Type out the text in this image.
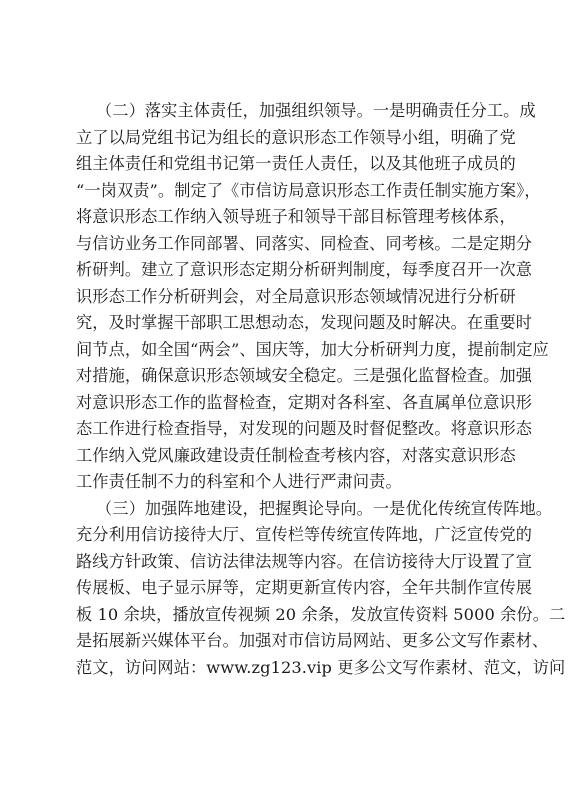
（二）落实主体责任，加强组织领导。一是明确责任分工。成
立了以局党组书记为组长的意识形态工作领导小组，明确了党
组主体责任和党组书记第一责任人责任，以及其他班子成员的
“一岗双责”。制定了《市信访局意识形态工作责任制实施方案》，
将意识形态工作纳入领导班子和领导干部目标管理考核体系，
与信访业务工作同部署、同落实、同检查、同考核。二是定期分
析研判。建立了意识形态定期分析研判制度，每季度召开一次意
识形态工作分析研判会，对全局意识形态领域情况进行分析研
究，及时掌握干部职工思想动态，发现问题及时解决。在重要时
间节点，如全国“两会”、国庆等，加大分析研判力度，提前制定应
对措施，确保意识形态领域安全稳定。三是强化监督检查。加强
对意识形态工作的监督检查，定期对各科室、各直属单位意识形
态工作进行检查指导，对发现的问题及时督促整改。将意识形态
工作纳入党风廉政建设责任制检查考核内容，对落实意识形态
工作责任制不力的科室和个人进行严肃问责。
（三）加强阵地建设，把握舆论导向。一是优化传统宣传阵地。
充分利用信访接待大厅、宣传栏等传统宣传阵地，广泛宣传党的
路线方针政策、信访法律法规等内容。在信访接待大厅设置了宣
传展板、电子显示屏等，定期更新宣传内容，全年共制作宣传展
板 10 余块，播放宣传视频 20 余条，发放宣传资料 5000 余份。二
是拓展新兴媒体平台。加强对市信访局网站、更多公文写作素材、
范文，访问网站：www.zg123.vip 更多公文写作素材、范文，访问
